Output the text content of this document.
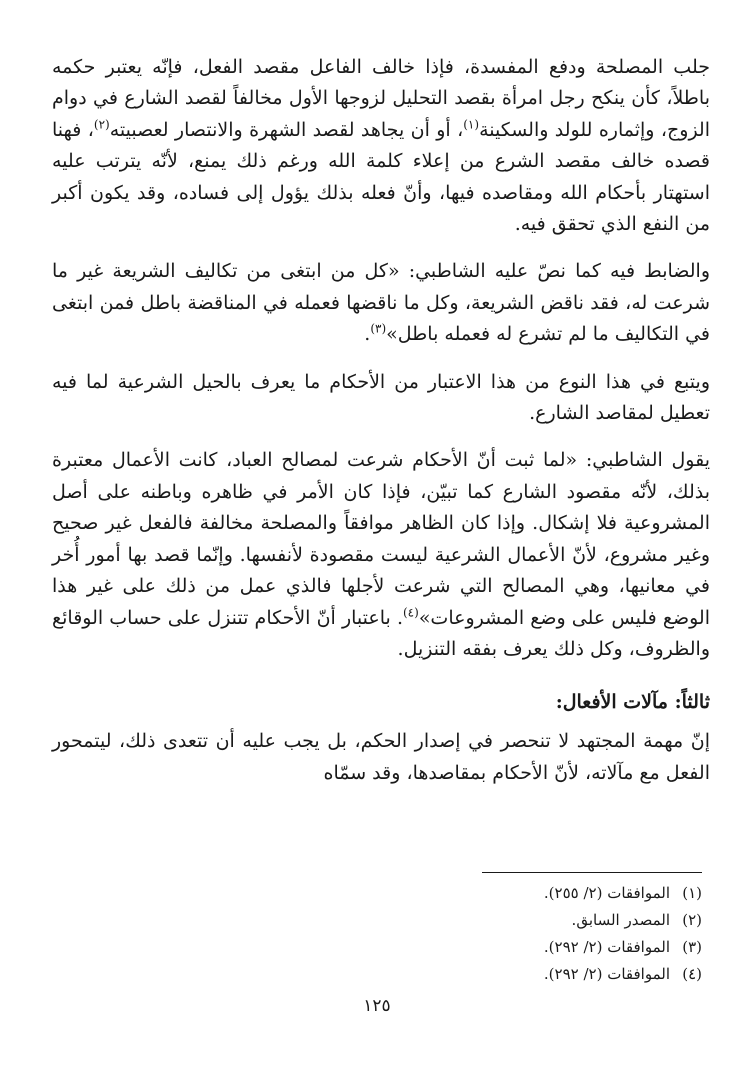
جلب المصلحة ودفع المفسدة، فإذا خالف الفاعل مقصد الفعل، فإنّه يعتبر حكمه باطلاً، كأن ينكح رجل امرأة بقصد التحليل لزوجها الأول مخالفاً لقصد الشارع في دوام الزوج، وإثماره للولد والسكينة$^{(١)}$، أو أن يجاهد لقصد الشهرة والانتصار لعصبيته$^{(٢)}$، فهنا قصده خالف مقصد الشرع من إعلاء كلمة الله ورغم ذلك يمنع، لأنّه يترتب عليه استهتار بأحكام الله ومقاصده فيها، وأنّ فعله بذلك يؤول إلى فساده، وقد يكون أكبر من النفع الذي تحقق فيه.

والضابط فيه كما نصّ عليه الشاطبي: «كل من ابتغى من تكاليف الشريعة غير ما شرعت له، فقد ناقض الشريعة، وكل ما ناقضها فعمله في المناقضة باطل فمن ابتغى في التكاليف ما لم تشرع له فعمله باطل»$^{(٣)}$.

ويتبع في هذا النوع من هذا الاعتبار من الأحكام ما يعرف بالحيل الشرعية لما فيه تعطيل لمقاصد الشارع.

يقول الشاطبي: «لما ثبت أنّ الأحكام شرعت لمصالح العباد، كانت الأعمال معتبرة بذلك، لأنّه مقصود الشارع كما تبيّن، فإذا كان الأمر في ظاهره وباطنه على أصل المشروعية فلا إشكال. وإذا كان الظاهر موافقاً والمصلحة مخالفة فالفعل غير صحيح وغير مشروع، لأنّ الأعمال الشرعية ليست مقصودة لأنفسها. وإنّما قصد بها أمور أُخر في معانيها، وهي المصالح التي شرعت لأجلها فالذي عمل من ذلك على غير هذا الوضع فليس على وضع المشروعات»$^{(٤)}$. باعتبار أنّ الأحكام تتنزل على حساب الوقائع والظروف، وكل ذلك يعرف بفقه التنزيل.

ثالثاً: مآلات الأفعال:

إنّ مهمة المجتهد لا تنحصر في إصدار الحكم، بل يجب عليه أن تتعدى ذلك، ليتمحور الفعل مع مآلاته، لأنّ الأحكام بمقاصدها، وقد سمّاه

(١)
الموافقات (٢/ ٢٥٥).
(٢)
المصدر السابق.
(٣)
الموافقات (٢/ ٢٩٢).
(٤)
الموافقات (٢/ ٢٩٢).
١٢٥
